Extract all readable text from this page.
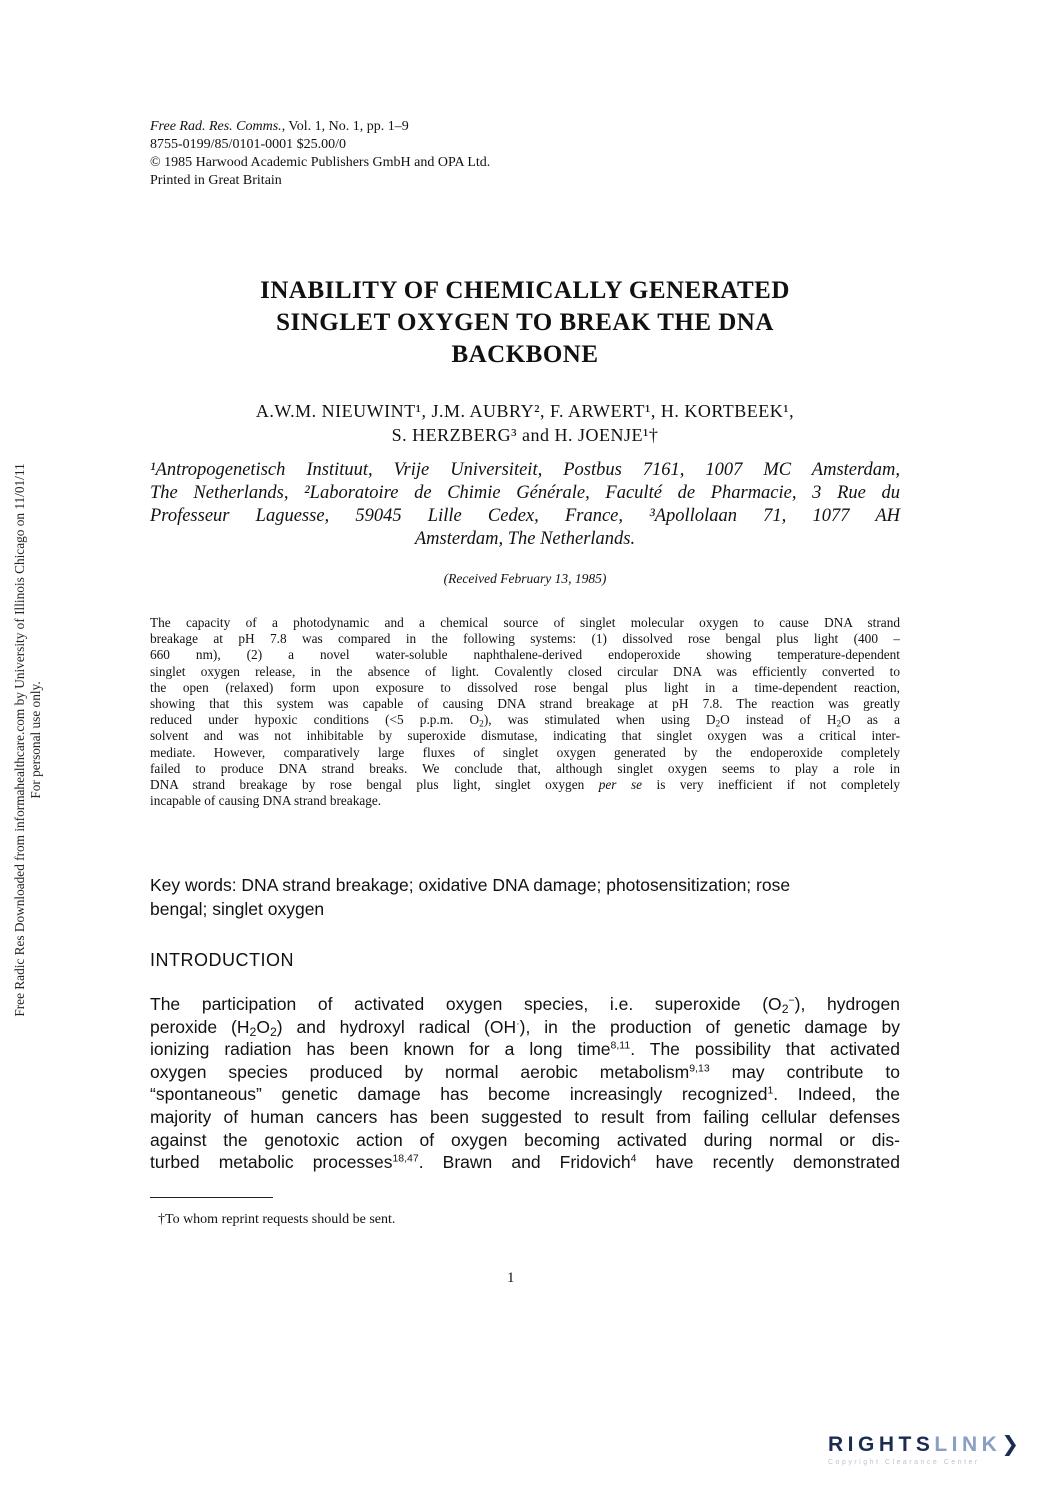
Free Radic Res Downloaded from informahealthcare.com by University of Illinois Chicago on 11/01/11 For personal use only.
Free Rad. Res. Comms., Vol. 1, No. 1, pp. 1–9
8755-0199/85/0101-0001 $25.00/0
© 1985 Harwood Academic Publishers GmbH and OPA Ltd.
Printed in Great Britain
INABILITY OF CHEMICALLY GENERATED
SINGLET OXYGEN TO BREAK THE DNA
BACKBONE
A.W.M. NIEUWINT¹, J.M. AUBRY², F. ARWERT¹, H. KORTBEEK¹,
S. HERZBERG³ and H. JOENJE¹†
¹Antropogenetisch Instituut, Vrije Universiteit, Postbus 7161, 1007 MC Amsterdam,
The Netherlands, ²Laboratoire de Chimie Générale, Faculté de Pharmacie, 3 Rue du
Professeur Laguesse, 59045 Lille Cedex, France, ³Apollolaan 71, 1077 AH
Amsterdam, The Netherlands.
(Received February 13, 1985)
The capacity of a photodynamic and a chemical source of singlet molecular oxygen to cause DNA strand
breakage at pH 7.8 was compared in the following systems: (1) dissolved rose bengal plus light (400 –
660 nm), (2) a novel water-soluble naphthalene-derived endoperoxide showing temperature-dependent
singlet oxygen release, in the absence of light. Covalently closed circular DNA was efficiently converted to
the open (relaxed) form upon exposure to dissolved rose bengal plus light in a time-dependent reaction,
showing that this system was capable of causing DNA strand breakage at pH 7.8. The reaction was greatly
reduced under hypoxic conditions (<5 p.p.m. $O_2$), was stimulated when using $D_2O$ instead of $H_2O$ as a
solvent and was not inhibitable by superoxide dismutase, indicating that singlet oxygen was a critical inter-
mediate. However, comparatively large fluxes of singlet oxygen generated by the endoperoxide completely
failed to produce DNA strand breaks. We conclude that, although singlet oxygen seems to play a role in
DNA strand breakage by rose bengal plus light, singlet oxygen per se is very inefficient if not completely
incapable of causing DNA strand breakage.
Key words: DNA strand breakage; oxidative DNA damage; photosensitization; rose
bengal; singlet oxygen
INTRODUCTION
The participation of activated oxygen species, i.e. superoxide $(O_2^-)$, hydrogen
peroxide $(H_2O_2)$ and hydroxyl radical (OH·), in the production of genetic damage by
ionizing radiation has been known for a long time$^{8,11}$. The possibility that activated
oxygen species produced by normal aerobic metabolism$^{9,13}$ may contribute to
“spontaneous” genetic damage has become increasingly recognized$^1$. Indeed, the
majority of human cancers has been suggested to result from failing cellular defenses
against the genotoxic action of oxygen becoming activated during normal or dis-
turbed metabolic processes$^{18,47}$. Brawn and Fridovich$^4$ have recently demonstrated
†To whom reprint requests should be sent.
1
RIGHTSLINK❯
Copyright Clearance Center
